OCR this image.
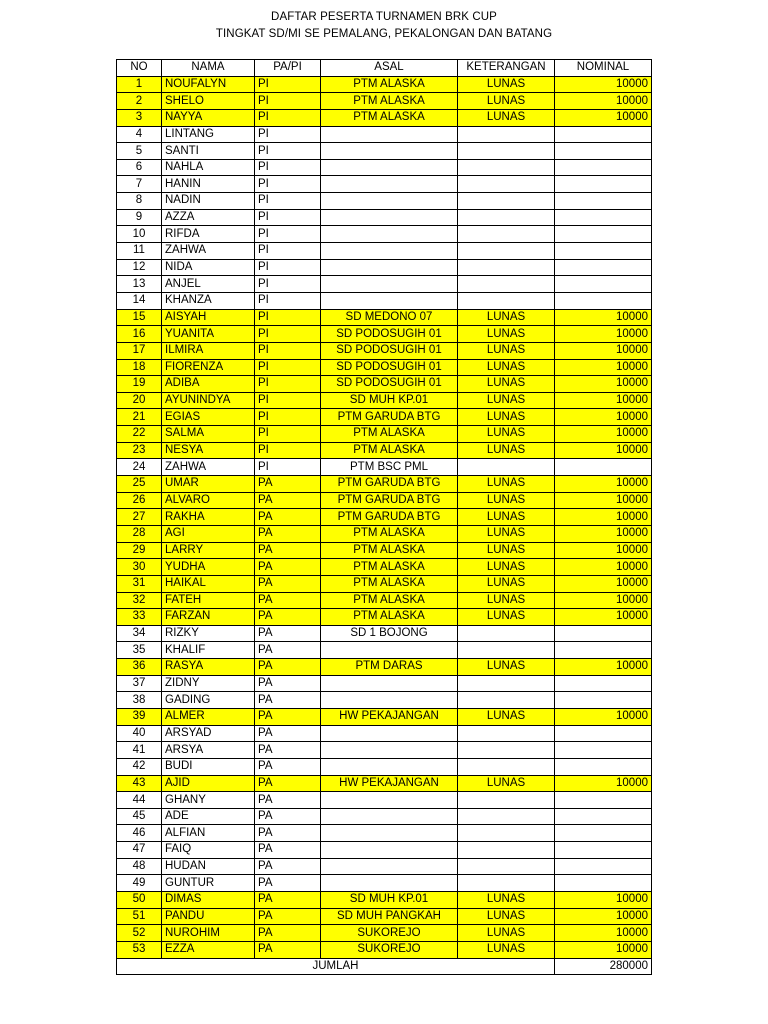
DAFTAR PESERTA TURNAMEN BRK CUP
TINGKAT SD/MI SE PEMALANG, PEKALONGAN DAN BATANG
NO	NAMA	PA/PI	ASAL	KETERANGAN	NOMINAL
1	NOUFALYN	PI	PTM ALASKA	LUNAS	10000
2	SHELO	PI	PTM ALASKA	LUNAS	10000
3	NAYYA	PI	PTM ALASKA	LUNAS	10000
4	LINTANG	PI			
5	SANTI	PI			
6	NAHLA	PI			
7	HANIN	PI			
8	NADIN	PI			
9	AZZA	PI			
10	RIFDA	PI			
11	ZAHWA	PI			
12	NIDA	PI			
13	ANJEL	PI			
14	KHANZA	PI			
15	AISYAH	PI	SD MEDONO 07	LUNAS	10000
16	YUANITA	PI	SD PODOSUGIH 01	LUNAS	10000
17	ILMIRA	PI	SD PODOSUGIH 01	LUNAS	10000
18	FIORENZA	PI	SD PODOSUGIH 01	LUNAS	10000
19	ADIBA	PI	SD PODOSUGIH 01	LUNAS	10000
20	AYUNINDYA	PI	SD MUH KP.01	LUNAS	10000
21	EGIAS	PI	PTM GARUDA BTG	LUNAS	10000
22	SALMA	PI	PTM ALASKA	LUNAS	10000
23	NESYA	PI	PTM ALASKA	LUNAS	10000
24	ZAHWA	PI	PTM BSC PML		
25	UMAR	PA	PTM GARUDA BTG	LUNAS	10000
26	ALVARO	PA	PTM GARUDA BTG	LUNAS	10000
27	RAKHA	PA	PTM GARUDA BTG	LUNAS	10000
28	AGI	PA	PTM ALASKA	LUNAS	10000
29	LARRY	PA	PTM ALASKA	LUNAS	10000
30	YUDHA	PA	PTM ALASKA	LUNAS	10000
31	HAIKAL	PA	PTM ALASKA	LUNAS	10000
32	FATEH	PA	PTM ALASKA	LUNAS	10000
33	FARZAN	PA	PTM ALASKA	LUNAS	10000
34	RIZKY	PA	SD 1 BOJONG		
35	KHALIF	PA			
36	RASYA	PA	PTM DARAS	LUNAS	10000
37	ZIDNY	PA			
38	GADING	PA			
39	ALMER	PA	HW PEKAJANGAN	LUNAS	10000
40	ARSYAD	PA			
41	ARSYA	PA			
42	BUDI	PA			
43	AJID	PA	HW PEKAJANGAN	LUNAS	10000
44	GHANY	PA			
45	ADE	PA			
46	ALFIAN	PA			
47	FAIQ	PA			
48	HUDAN	PA			
49	GUNTUR	PA			
50	DIMAS	PA	SD MUH KP.01	LUNAS	10000
51	PANDU	PA	SD MUH PANGKAH	LUNAS	10000
52	NUROHIM	PA	SUKOREJO	LUNAS	10000
53	EZZA	PA	SUKOREJO	LUNAS	10000
JUMLAH					280000
